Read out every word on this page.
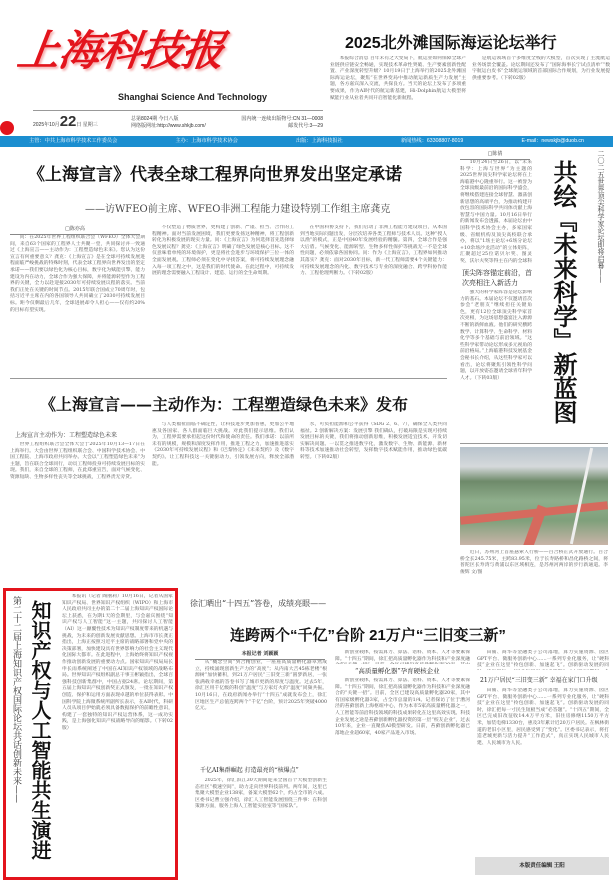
上海科技报
Shanghai Science And Technology
2025年10月22日 星期三
总第8024期 今日八版
网络版网址:http://www.shkjb.com/
国内统一连续出版物号:CN 31—0008
邮发代号:3—29
2025北外滩国际海运论坛举行

本报综合消息 百年未有之大变局下，航运业如何保障全球产业链供应链安全畅通，实现技术革命性突破、生产要素创新性配置、产业深度转型升级？10月19日于上海举行的2025北外滩国际海运论坛，聚焦“在世界变局中推动航运新质生产力发展”主题，各方嘉宾深入交流，共探良方。当天的论坛上发布了多项重要成果，作为AI时代的航运新基建，Hi-Dolphin航运大模型将赋能行业从业者共同开启智能化新航程。

是航运领域首个多维度全栈的大模型，首次实现了主流航运业务场景全覆盖。论坛期间还发布了“国际海事长宁试点清单”“数字航运白皮书”全球航运领域的首部国际合作规划，为行业发展提供重要参考。（下转02版）

主管：中共上海市科学技术工作委员会	主办：上海市科学技术协会	出版：上海科技报社	新闻热线：63308807-8019	E-mail：newskjb@duob.cn
《上海宣言》代表全球工程界向世界发出坚定承诺
——访WFEO前主席、WFEO非洲工程能力建设特别工作组主席龚克
□陈亦高

问：在2025年世界工程组织联合会（WFEO）全体大会期间，来自63个国家的工程界人士共聚一堂，共同探讨并一致通过《上海宣言——主动作为：工程塑造绿色未来》。您认为这份宣言有何重要意义？龚克：《上海宣言》是在全球可持续发展进程面临严峻挑战的特殊时刻，代表全球工程界向世界发出的坚定承诺——我们要以绿色化为核心目标，数字化为赋能引擎，能力建设为内在动力，全球合作为强大保障，并将能源转型作为工程界的关键，全力以赴迎接2030年可持续发展议程的落实。当前我们正处在关键的时间节点。2015年联合国成立70周年时，包括习近平主席在内的各国领导人共同确立了2030可持续发展目标。距今仅剩最后几年，全球进展却令人担心——仅有约20%的目标有望实现。

不仅塑造了物质世界，更构建了创新、严谨、担当、合作的工程精神。面对当前发展困境，我们更要发扬这种精神，将工程创新转化为积极发展的现实力量。问：《上海宣言》为何选择首先选择绿色发展议程？龚克：《上海宣言》明确了绿色发展是核心目标。这不仅意味着单纯的环境保护，更是将社会进步与环境保护三位一体的全面发展观。工程师必须在变化中寻找答案，将可持续发展理念融入每一项工程之中，这是我们的时代使命。在此过程中，可持续发展的理念需要融入工程设计、建造、运行的全生命周期。

在中国科协支持下，我们启动了非洲工程能力建设项目，从本国到当地实际问题出发，分层次培养各类工程师与技术人员。这种“授人以渔”的模式，正是中国40年发展经验的精髓。第四，全球合作是强大后盾。气候变化、能源转型、生物多样性保护等挑战无一不是全球性问题，必须依靠各国协同。问：作为《上海宣言》，工程界如何推动其落实？龚克：面对2030年目标，新一代工程师需要4个关键能力：可持续发展理念的内化、数字技术与专业的深度融合、跨学科协作能力、工程伦理判断力。（下转02版）

《上海宣言——主动作为：工程塑造绿色未来》发布
上海宣言主动作为：工程塑造绿色未来

世界工程组织联合会全体大会于2025年10月13—17日在上海举行。大会由世界工程组织联合会、中国科学技术协会、中国工程院、上海市政府共同举办。大会以“工程塑造绿色未来”为主题，旨在联合全球同行，动员工程师投身可持续发展目标的实现。我们，来自全球的工程师，在此郑重宣告，面对气候变化、资源短缺、生物多样性丧失等全球挑战，工程界责无旁贷。

与人类福祉面临不确定性，让科技进步更加普惠，更加公平地惠及各国家、各人群面临巨大挑战。对此我们提示思维。我们认为，工程界需要承担起这份时代和使命的责任。我们承诺：以前所未有的规模，规模和深度发挥作用，推进工程之力，加速推进落实《2030年可持续发展议程》和《巴黎协定》《未来契约》及《数字契约》。让工程科技这一关键驱动力，引领发展方向，释放全部潜能。

水，可负担能源和公平获得（SDG 2、6、7），确保全人类共同福祉。2 创新解决方案：发展引擎 我们确认，打破局限是实现可持续发展目标的关键，我们将推动创新思维，积极发展适宜技术，开发切实解决问题。一以贯之推进数字化，激发数字、生物、新能源、新材料等技术加速推动社会转型，发挥数字技术赋能作用，推动绿色低碳转型。（下转02版）

□陈倩

10月24日至26日，以“未来科学：上海与世界”为主题的2025世界顶尖科学家论坛将在上海临港中心隆重举行。这一被誉为全球顶级最前沿的国际科学盛会，将继续搭建连接全球智慧、激荡创新思想的高端平台，为推动构建开放包容的国际科学共同体贡献上海智慧与中国力量。10月16日举行的新闻发布会透露，本届论坛由中国科学技术协会主办，多家国家级、省级机构及顶尖高校联合承办，将以“1场主论坛+6场分论坛+10余场沙龙活动”的立体矩阵，汇聚超过25位诺贝尔奖、图灵奖、沃尔夫奖等得主在内的全球科

顶尖阵容锚定前沿，首次亮相注入新活力

强大的科学家阵容是论坛影响力的基石。本届论坛不仅邀请首次参会“老朋友”继续担任关键角色，更有12位全球顶尖科学家首次亮相，为这场思想盛宴注入源源不断的新鲜血液。他们的研究横跨数学、计算科学、生命科学、材料化学等多个基础与前沿领域。“这些科学家带动论坛形成多元视角的前沿格局。”上海临港科技发展基金会秘书长介绍，从这些科学家可以看出，论坛将聚焦引领性科学问题，以开放姿态邀请全球青年科学人才。（下转03版）

二〇二五世界顶尖科学家论坛即将启幕——
共绘『未来科学』新蓝图

近日，苏州河上首座悬索人行桥——百合桥正式开放通行。百合桥全长245.75米，主跨83.95米，位于长寿路桥和昌化路桥之间，将普陀区长寿湾与黄浦以东区域相连，是苏州河两岸的步行新通道。李俊辉 文/图

第二十二届上海知识产权国际论坛共话创新未来—— 知识产权与人工智能共生演进

本报讯（记者 陶丽莉）10月16日，记者从国家知识产权局、世界知识产权组织（WIPO）和上海市人民政府共同主办的第二十二届上海知识产权国际论坛上获悉，在为期1天的会期里，与会嘉宾围绕“知识产权与人工智能”这一主题，共同探讨人工智能（AI）这一颠覆性技术为知识产权制度带来的机遇与挑战，为未来的创新发展贡献思想。上海市市长龚正指出，上海正按照习近平主席的战略部署和党中央的决策部署，加快建设具有世界影响力的社会主义现代化国际大都市。在此进程中，上海始终将知识产权视作推动创新发展的重要动力点。国家知识产权局局长申长雨系统阐述了中国在AI知识产权领域的战略布局。世界知识产权组织副总干事王彬颖指出，全球百强科技创新集群中，中国占据24席。论坛期间，第五届上海知识产权创新奖正式颁发，一批在知识产权创造、保护和运用方面表现卓越的单位获得表彰。中国科学院上海微系统所副所长表示，在AI时代，科研人员从项目伊始就必须具备数据保护的前瞻性意识，构建了一套独特的知识产权运营体系，这一成功实践，是上海强化知识产权战略导向的缩影。（下转02版）

徐汇晒出“十四五”答卷，成绩亮眼——
连跨两个“千亿”台阶 21万户“三旧变三新”
本报记者 刘颖颖

从“概念空间”到合精创业，一座座高质量孵化器卓然成立，持续涌现创新生产力的“高度”；从内南大吉45栋老楼“根源树”加快蓄积，到21万户居民“三旧变三新”圆梦新居，一张张满载幸福的答卷书写了城市更新的厚度与温度。过去5年，徐汇区用千亿级的科创“温度”与万家灯火的“温度”同频共振。10月16日，在政府新闻办举行“十四五”成就发布会上，徐汇区地区生产总值连跨两个“千亿”台阶，预计2025年突破4000亿元。

千亿AI集群崛起 打造最亮的“核爆点”

2025年，徐汇滨江30天期间迎来全国首个大模型创新生态社区“模速空间”，助力走向世界科技前列。两年间，这里已集聚大模型企业138家，备案大模型62个，约占全市的六成。区委书记曹立强介绍，徐汇人工智能发展围绕三件事：在科创策源方面，服务上海人工智能实验室等“国家队”。

新创业载体，按需算力、算法、语料、资本、人才等要素保障。“十四五”期间，徐汇把高质量孵化器作为科技和产业深度融

“高质量孵化器”孕育硬核企业

新创业载体，按需算力、算法、语料、资本、人才等要素保障。“十四五”期间，徐汇把高质量孵化器作为科技和产业深度融合的“关键一招”。目前，全区已建设高质量孵化器20家，其中有国家级孵化器3家，占全市总量的1/4。记者探访了位于漕河泾的苔藓创新上海枢纽中心，作为本市5家高质量孵化器之一，人工智能等前沿科技领域的科技成果转化在这里高效实现。科技企业发展之途是苔藓创新孵化器投资的第一层“校友企业”，过去10年来，企业一直聚焦AI模型研发。日前，苔藓创新孵化器已落地企业超60家，40家产品进入市场。

田铺、商华等金融类子公司落地，算力实施资源、园区GPT平台、微服务创新中心……一系列专业化服务，让“硬科技”企业在这里“拎包创新、加速起飞”。创新驱动发展的同

21万户居民“三旧变三新” 幸福在家门口升级

田铺、商华等金融类子公司落地，算力实施资源、园区GPT平台、微服务创新中心……一系列专业化服务，让“硬科技”企业在这里“拎包创新、加速起飞”。创新驱动发展的同时，徐汇把每一寸民生短板当成“必答题”。“十四五”期间，全区已完成旧改征收14.4万平方米，旧住房修缮1150万平方米，加装电梯1330台，惠及3年累计近20万户居民。在枫林街道的老旧小区里，居民感受到了“变化”。区委书记表示，将打造老城更新与活力提升“工作范式”，真正实现人民城市人民建、人民城市为人民。

本版责任编辑 王阳
